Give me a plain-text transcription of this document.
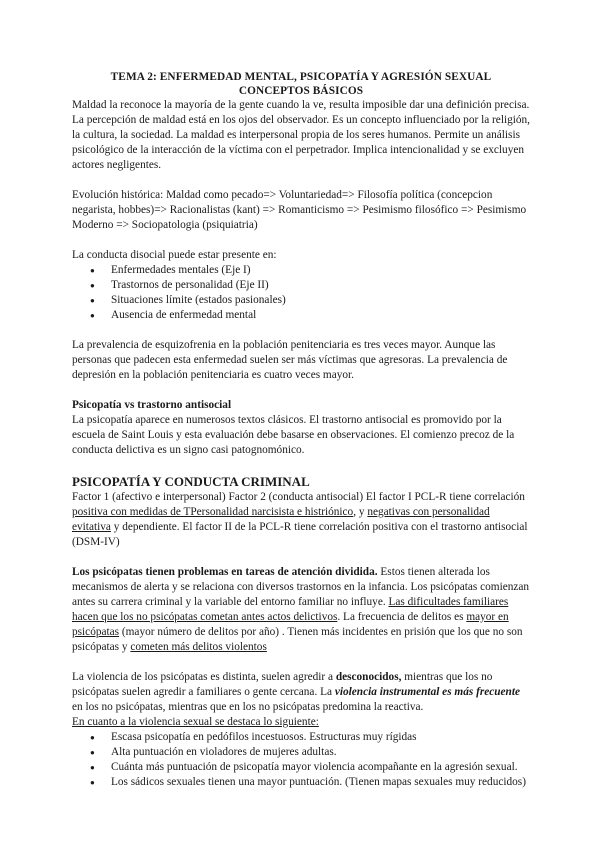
TEMA 2: ENFERMEDAD MENTAL, PSICOPATÍA Y AGRESIÓN SEXUAL

CONCEPTOS BÁSICOS

Maldad la reconoce la mayoría de la gente cuando la ve, resulta imposible dar una definición precisa. La percepción de maldad está en los ojos del observador. Es un concepto influenciado por la religión, la cultura, la sociedad. La maldad es interpersonal propia de los seres humanos. Permite un análisis psicológico de la interacción de la víctima con el perpetrador. Implica intencionalidad y se excluyen actores negligentes.

Evolución histórica: Maldad como pecado=> Voluntariedad=> Filosofía política (concepcion negarista, hobbes)=> Racionalistas (kant) => Romanticismo => Pesimismo filosófico => Pesimismo Moderno => Sociopatologia (psiquiatria)

La conducta disocial puede estar presente en:

● Enfermedades mentales (Eje I)
● Trastornos de personalidad (Eje II)
● Situaciones límite (estados pasionales)
● Ausencia de enfermedad mental

La prevalencia de esquizofrenia en la población penitenciaria es tres veces mayor. Aunque las personas que padecen esta enfermedad suelen ser más víctimas que agresoras. La prevalencia de depresión en la población penitenciaria es cuatro veces mayor.

Psicopatía vs trastorno antisocial

La psicopatía aparece en numerosos textos clásicos. El trastorno antisocial es promovido por la escuela de Saint Louis y esta evaluación debe basarse en observaciones. El comienzo precoz de la conducta delictiva es un signo casi patognomónico.

PSICOPATÍA Y CONDUCTA CRIMINAL

Factor 1 (afectivo e interpersonal) Factor 2 (conducta antisocial) El factor I PCL-R tiene correlación positiva con medidas de TPersonalidad narcisista e histriónico, y negativas con personalidad evitativa y dependiente. El factor II de la PCL-R tiene correlación positiva con el trastorno antisocial (DSM-IV)

Los psicópatas tienen problemas en tareas de atención dividida. Estos tienen alterada los mecanismos de alerta y se relaciona con diversos trastornos en la infancia. Los psicópatas comienzan antes su carrera criminal y la variable del entorno familiar no influye. Las dificultades familiares hacen que los no psicópatas cometan antes actos delictivos. La frecuencia de delitos es mayor en psicópatas (mayor número de delitos por año) . Tienen más incidentes en prisión que los que no son psicópatas y cometen más delitos violentos

La violencia de los psicópatas es distinta, suelen agredir a desconocidos, mientras que los no psicópatas suelen agredir a familiares o gente cercana. La violencia instrumental es más frecuente en los no psicópatas, mientras que en los no psicópatas predomina la reactiva.

En cuanto a la violencia sexual se destaca lo siguiente:

● Escasa psicopatía en pedófilos incestuosos. Estructuras muy rígidas
● Alta puntuación en violadores de mujeres adultas.
● Cuánta más puntuación de psicopatía mayor violencia acompañante en la agresión sexual.
● Los sádicos sexuales tienen una mayor puntuación. (Tienen mapas sexuales muy reducidos)
